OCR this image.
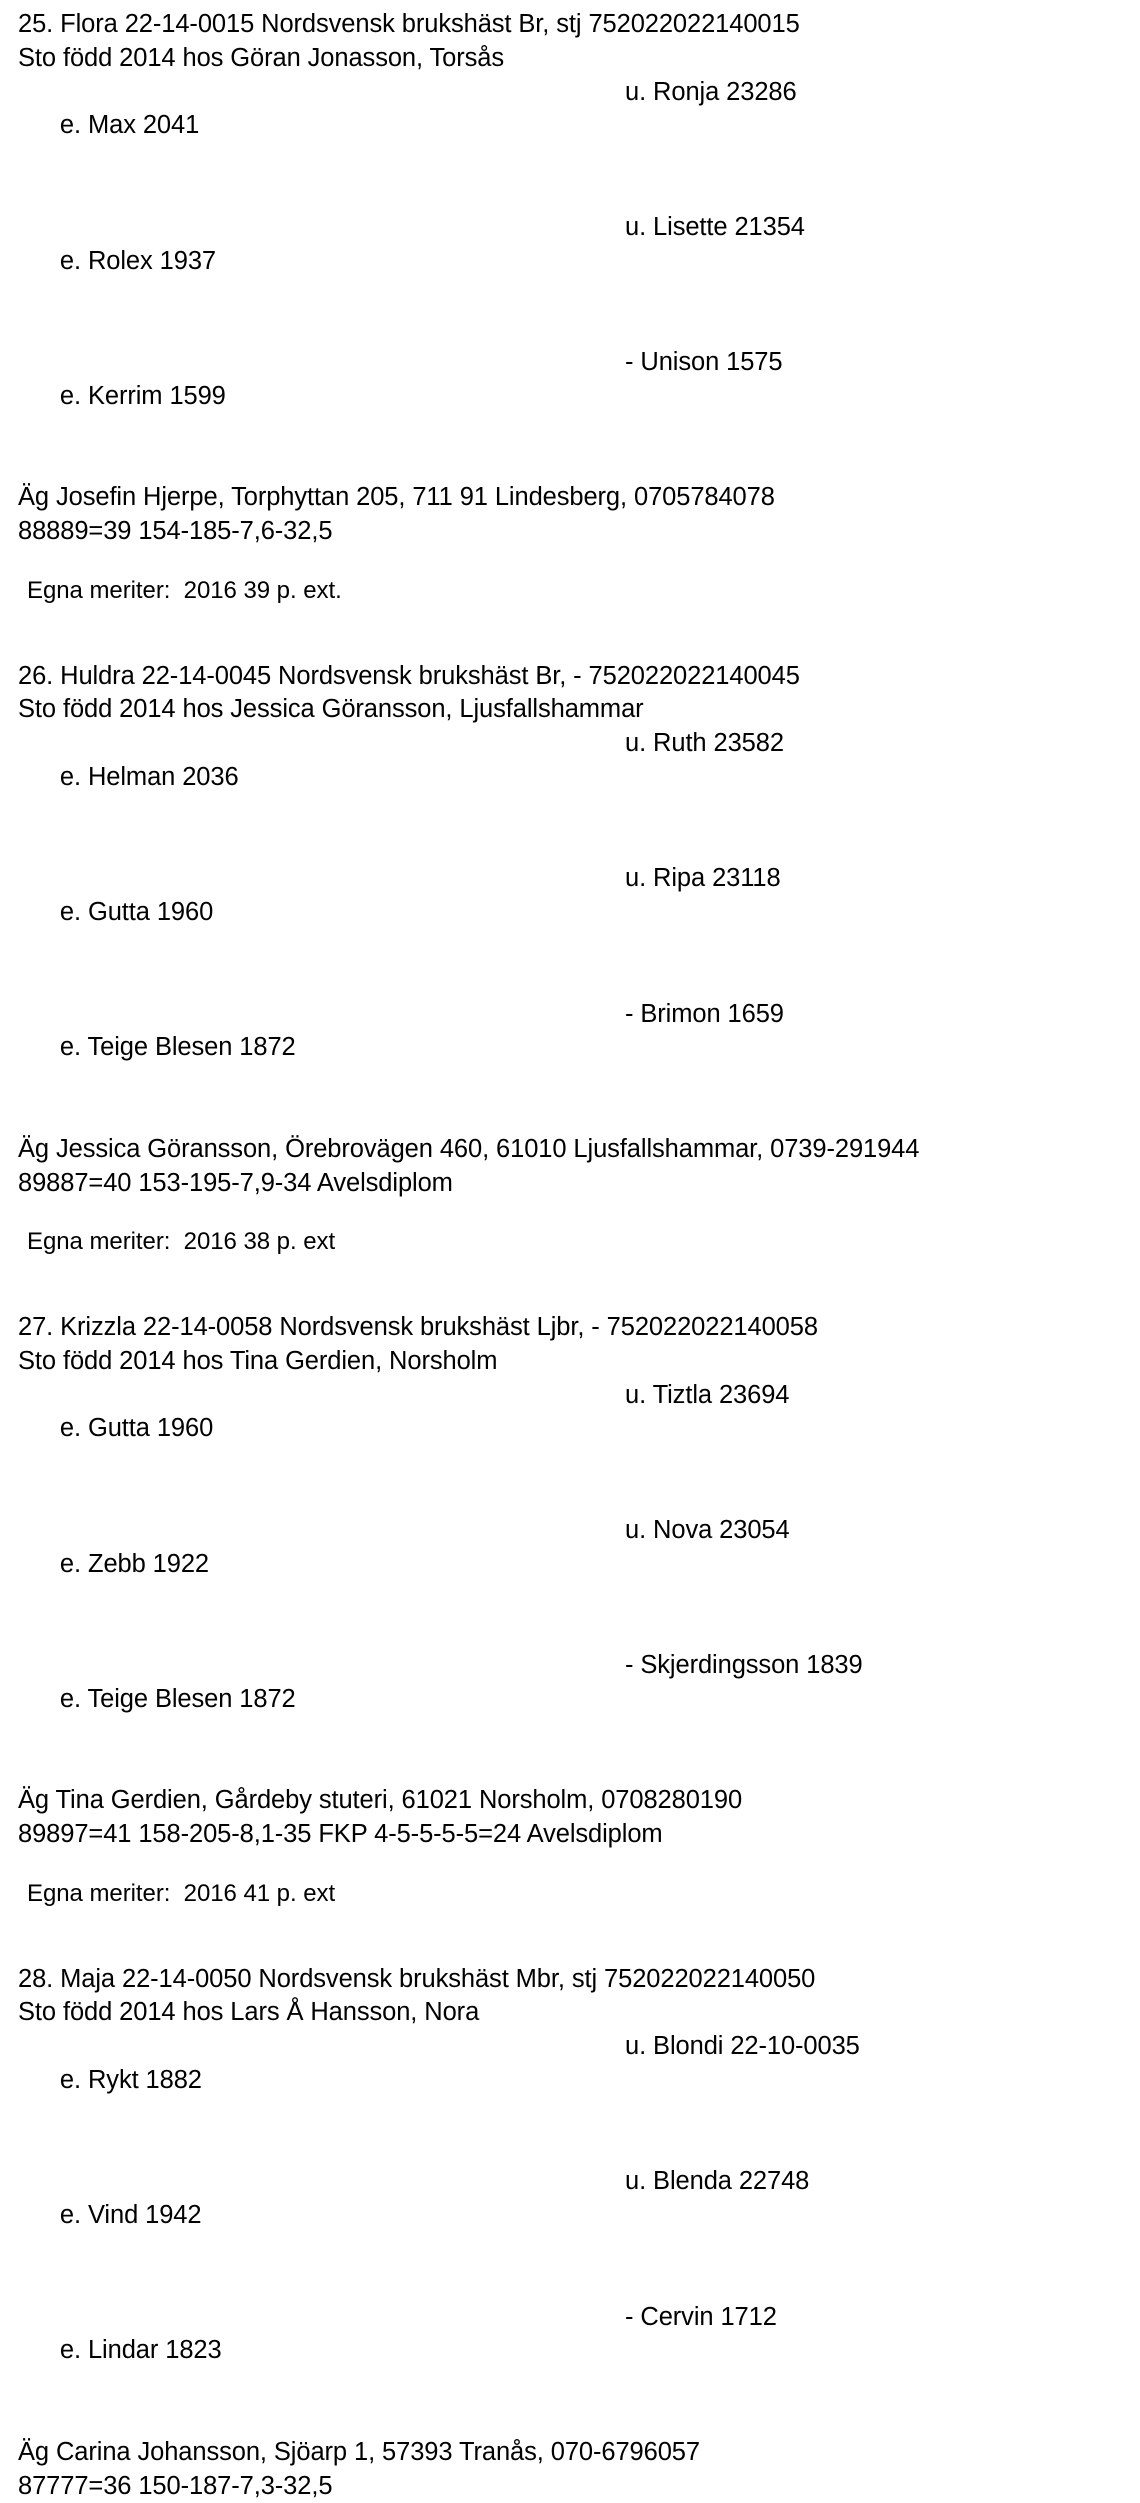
25. Flora 22-14-0015 Nordsvensk brukshäst Br, stj 752022022140015
Sto född 2014 hos Göran Jonasson, Torsås

e. Max 2041

u. Ronja 23286

e. Rolex 1937

u. Lisette 21354

e. Kerrim 1599

- Unison 1575

Äg Josefin Hjerpe, Torphyttan 205, 711 91 Lindesberg, 0705784078
88889=39 154-185-7,6-32,5
Egna meriter:  2016 39 p. ext.
26. Huldra 22-14-0045 Nordsvensk brukshäst Br, - 752022022140045
Sto född 2014 hos Jessica Göransson, Ljusfallshammar

e. Helman 2036

u. Ruth 23582

e. Gutta 1960

u. Ripa 23118

e. Teige Blesen 1872

- Brimon 1659

Äg Jessica Göransson, Örebrovägen 460, 61010 Ljusfallshammar, 0739-291944
89887=40 153-195-7,9-34 Avelsdiplom
Egna meriter:  2016 38 p. ext
27. Krizzla 22-14-0058 Nordsvensk brukshäst Ljbr, - 752022022140058
Sto född 2014 hos Tina Gerdien, Norsholm

e. Gutta 1960

u. Tiztla 23694

e. Zebb 1922

u. Nova 23054

e. Teige Blesen 1872

- Skjerdingsson 1839

Äg Tina Gerdien, Gårdeby stuteri, 61021 Norsholm, 0708280190
89897=41 158-205-8,1-35 FKP 4-5-5-5-5=24 Avelsdiplom
Egna meriter:  2016 41 p. ext
28. Maja 22-14-0050 Nordsvensk brukshäst Mbr, stj 752022022140050
Sto född 2014 hos Lars Å Hansson, Nora

e. Rykt 1882

u. Blondi 22-10-0035

e. Vind 1942

u. Blenda 22748

e. Lindar 1823

- Cervin 1712

Äg Carina Johansson, Sjöarp 1, 57393 Tranås, 070-6796057
87777=36 150-187-7,3-32,5
